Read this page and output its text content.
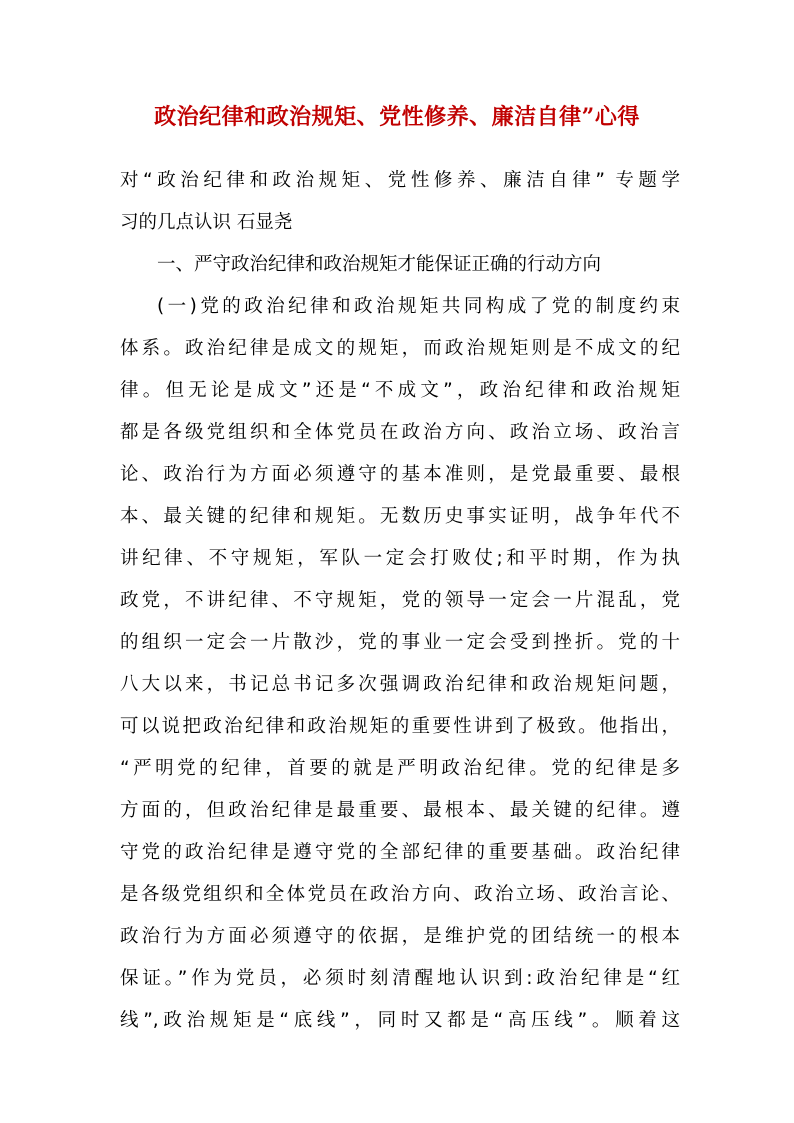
政治纪律和政治规矩、党性修养、廉洁自律”心得
对“政治纪律和政治规矩、党性修养、廉洁自律” 专题学
习的几点认识 石显尧
一、严守政治纪律和政治规矩才能保证正确的行动方向
(一)党的政治纪律和政治规矩共同构成了党的制度约束
体系。政治纪律是成文的规矩，而政治规矩则是不成文的纪
律。但无论是成文”还是“不成文”，政治纪律和政治规矩
都是各级党组织和全体党员在政治方向、政治立场、政治言
论、政治行为方面必须遵守的基本准则，是党最重要、最根
本、最关键的纪律和规矩。无数历史事实证明，战争年代不
讲纪律、不守规矩，军队一定会打败仗;和平时期，作为执
政党，不讲纪律、不守规矩，党的领导一定会一片混乱，党
的组织一定会一片散沙，党的事业一定会受到挫折。党的十
八大以来，书记总书记多次强调政治纪律和政治规矩问题，
可以说把政治纪律和政治规矩的重要性讲到了极致。他指出，
“严明党的纪律，首要的就是严明政治纪律。党的纪律是多
方面的，但政治纪律是最重要、最根本、最关键的纪律。遵
守党的政治纪律是遵守党的全部纪律的重要基础。政治纪律
是各级党组织和全体党员在政治方向、政治立场、政治言论、
政治行为方面必须遵守的依据，是维护党的团结统一的根本
保证。”作为党员，必须时刻清醒地认识到:政治纪律是“红
线”,政治规矩是“底线”，同时又都是“高压线”。顺着这
